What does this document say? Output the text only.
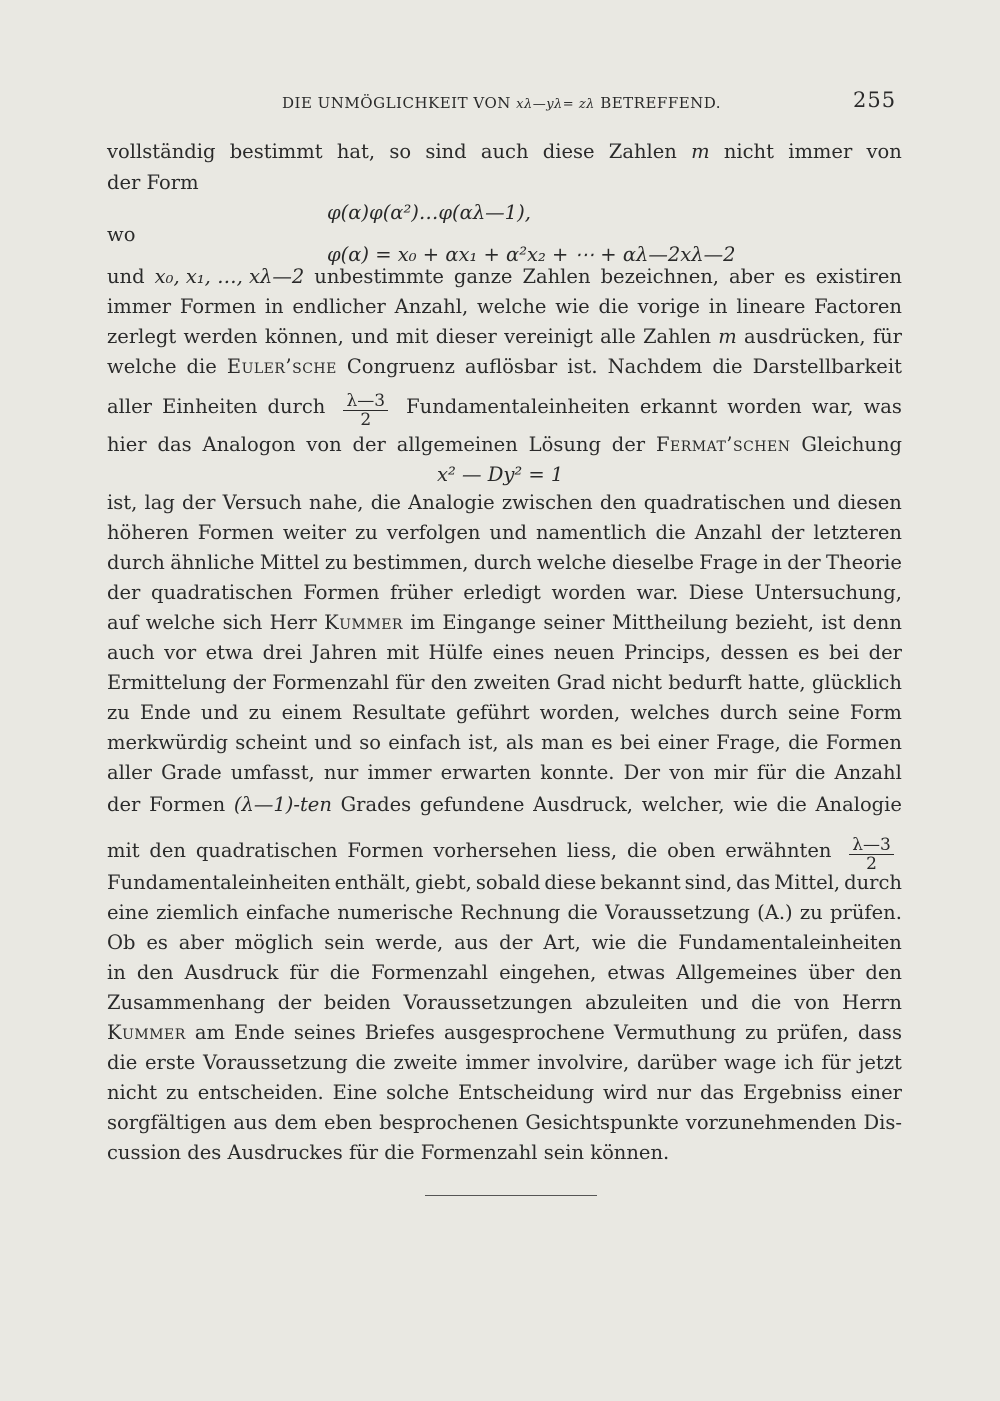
DIE UNMÖGLICHKEIT VON xλ—yλ= zλ BETREFFEND.	255
vollständig bestimmt hat, so sind auch diese Zahlen m nicht immer von
der Form
φ(α)φ(α²)…φ(αλ—1),
wo
φ(α) = x₀ + αx₁ + α²x₂ + ⋯ + αλ—2xλ—2
und x₀, x₁, …, xλ—2 unbestimmte ganze Zahlen bezeichnen, aber es existiren
immer Formen in endlicher Anzahl, welche wie die vorige in lineare Factoren
zerlegt werden können, und mit dieser vereinigt alle Zahlen m ausdrücken, für
welche die Euler’sche Congruenz auflösbar ist. Nachdem die Darstellbarkeit
aller Einheiten durch $\frac{\lambda—3}{2}$ Fundamentaleinheiten erkannt worden war, was
hier das Analogon von der allgemeinen Lösung der Fermat’schen Gleichung
x² — Dy² = 1
ist, lag der Versuch nahe, die Analogie zwischen den quadratischen und diesen
höheren Formen weiter zu verfolgen und namentlich die Anzahl der letzteren
durch ähnliche Mittel zu bestimmen, durch welche dieselbe Frage in der Theorie
der quadratischen Formen früher erledigt worden war. Diese Untersuchung,
auf welche sich Herr Kummer im Eingange seiner Mittheilung bezieht, ist denn
auch vor etwa drei Jahren mit Hülfe eines neuen Princips, dessen es bei der
Ermittelung der Formenzahl für den zweiten Grad nicht bedurft hatte, glücklich
zu Ende und zu einem Resultate geführt worden, welches durch seine Form
merkwürdig scheint und so einfach ist, als man es bei einer Frage, die Formen
aller Grade umfasst, nur immer erwarten konnte. Der von mir für die Anzahl
der Formen (λ—1)-ten Grades gefundene Ausdruck, welcher, wie die Analogie
mit den quadratischen Formen vorhersehen liess, die oben erwähnten $\frac{\lambda—3}{2}$
Fundamentaleinheiten enthält, giebt, sobald diese bekannt sind, das Mittel, durch
eine ziemlich einfache numerische Rechnung die Voraussetzung (A.) zu prüfen.
Ob es aber möglich sein werde, aus der Art, wie die Fundamentaleinheiten
in den Ausdruck für die Formenzahl eingehen, etwas Allgemeines über den
Zusammenhang der beiden Voraussetzungen abzuleiten und die von Herrn
Kummer am Ende seines Briefes ausgesprochene Vermuthung zu prüfen, dass
die erste Voraussetzung die zweite immer involvire, darüber wage ich für jetzt
nicht zu entscheiden. Eine solche Entscheidung wird nur das Ergebniss einer
sorgfältigen aus dem eben besprochenen Gesichtspunkte vorzunehmenden Dis-
cussion des Ausdruckes für die Formenzahl sein können.
